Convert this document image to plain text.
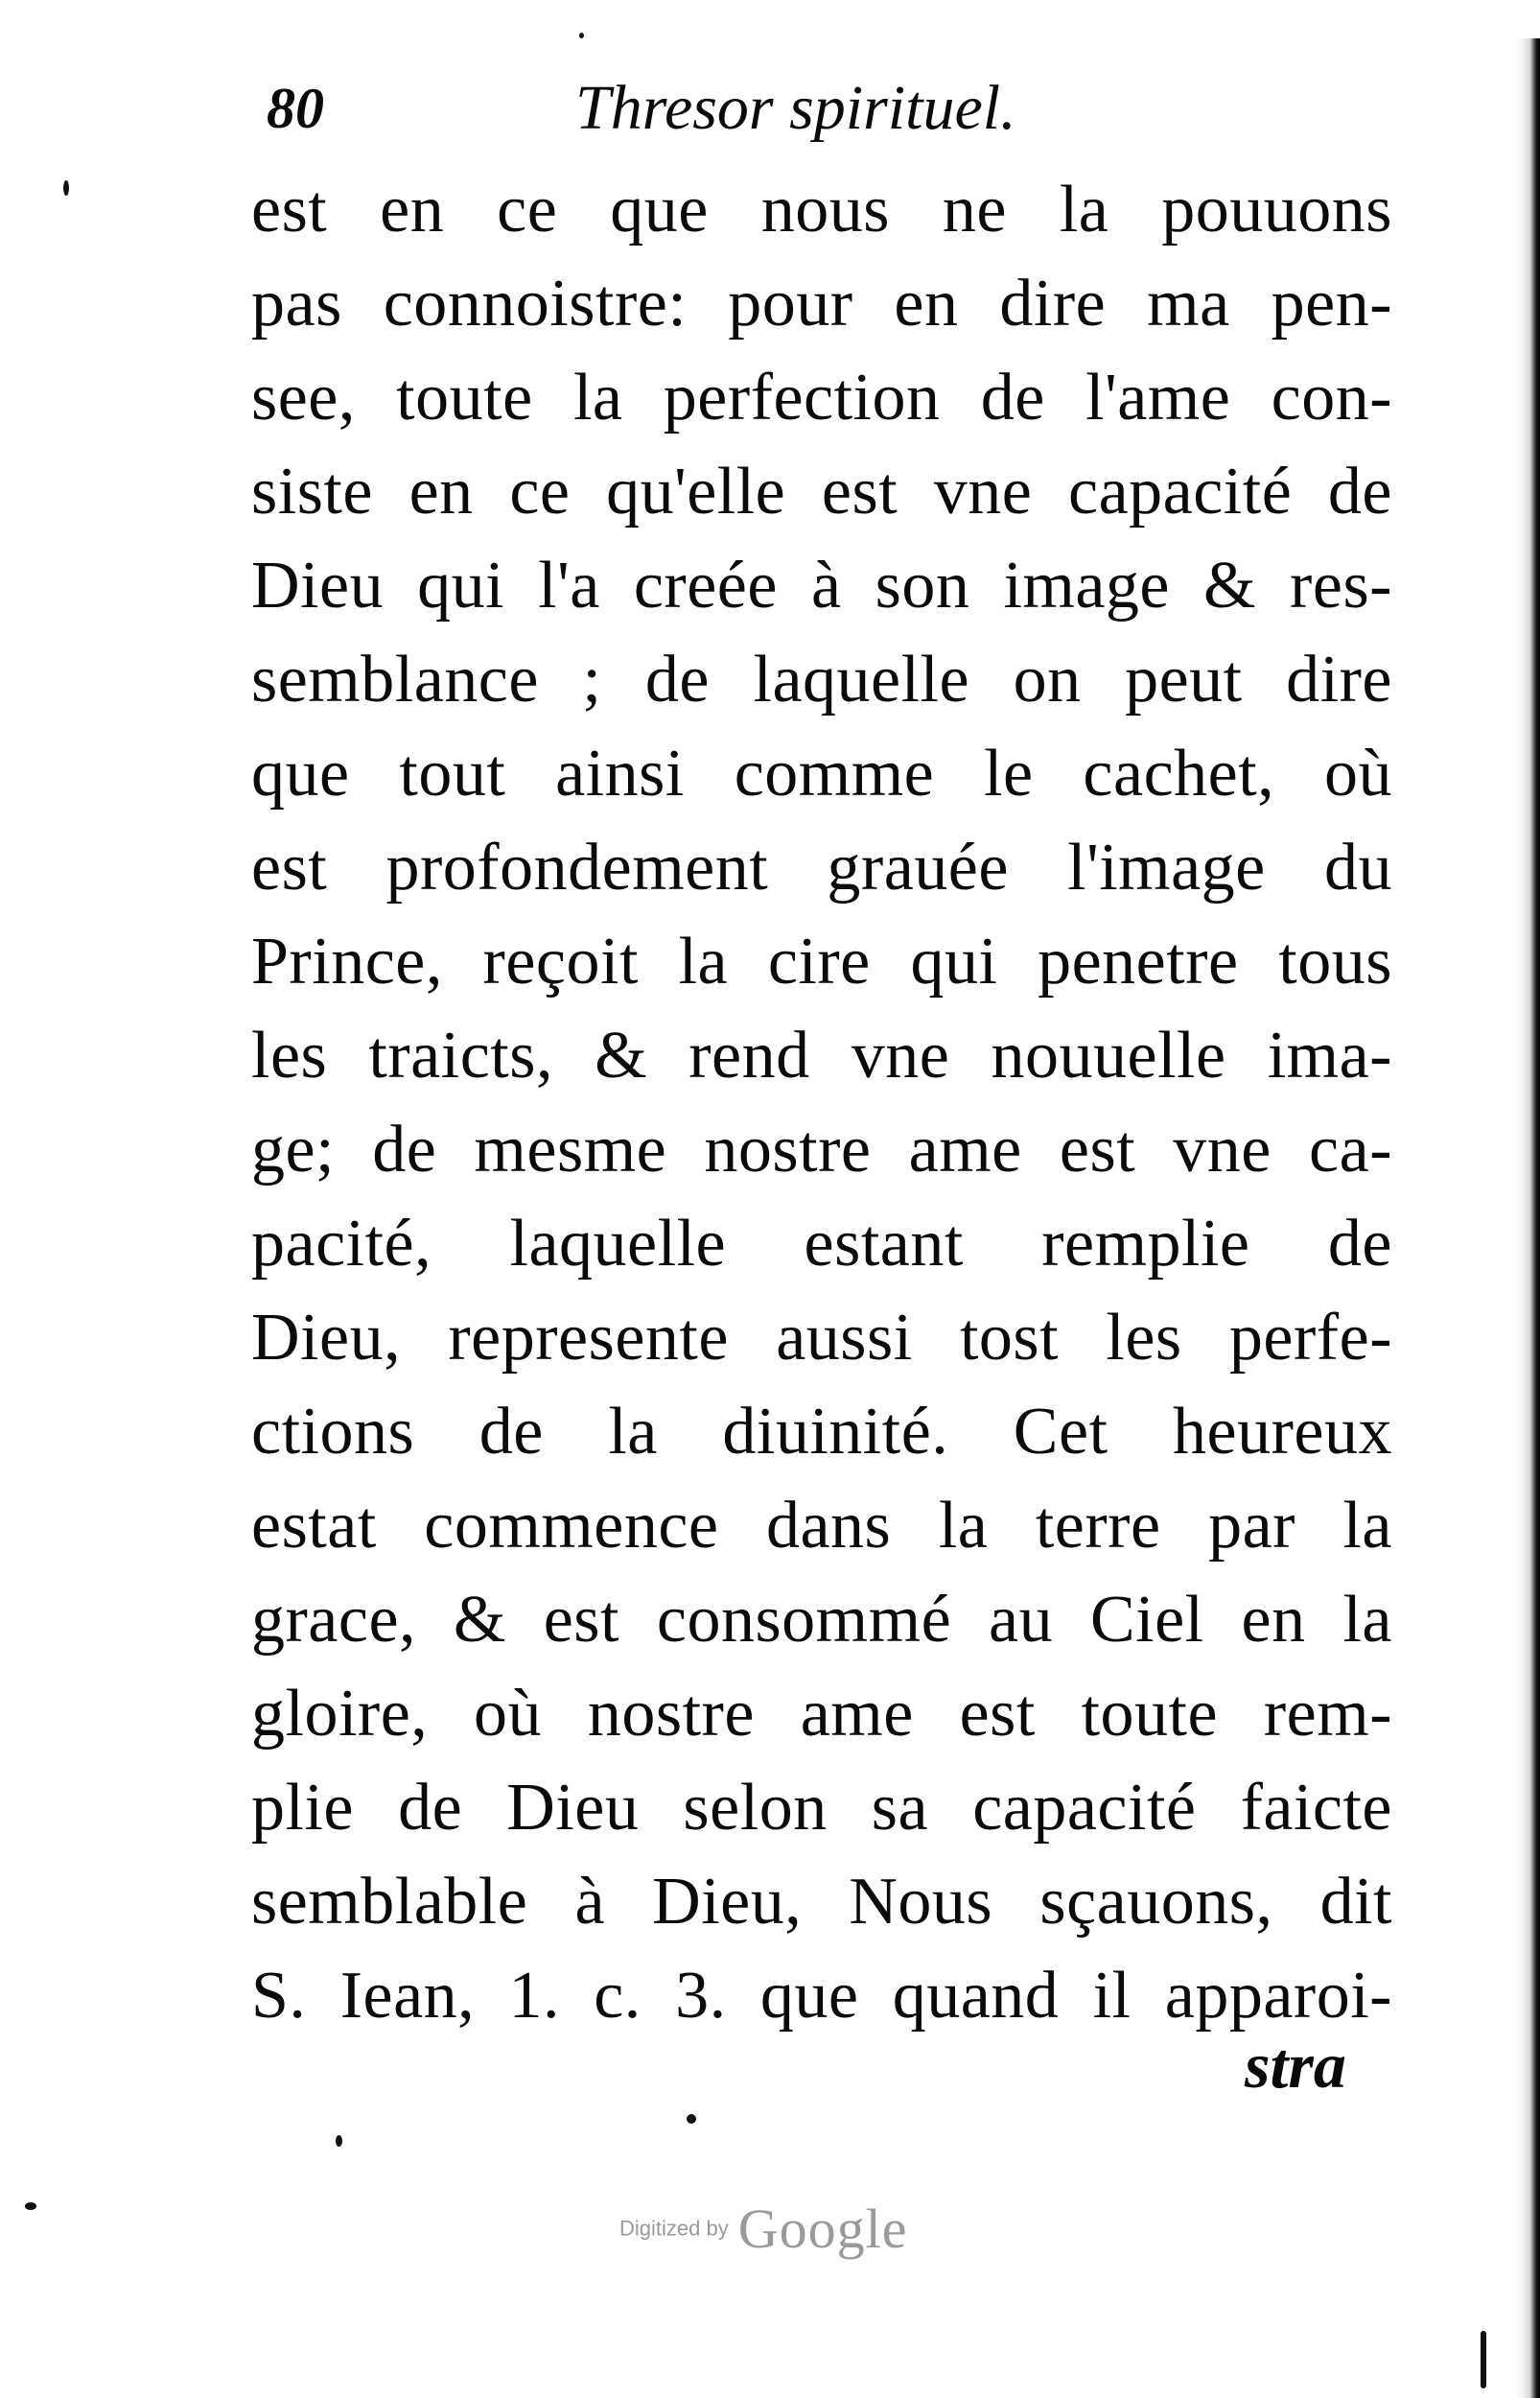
80	Thresor spirituel.
est en ce que nous ne la pouuons
pas connoistre: pour en dire ma pen-
see, toute la perfection de l'ame con-
siste en ce qu'elle est vne capacité de
Dieu qui l'a creée à son image & res-
semblance ; de laquelle on peut dire
que tout ainsi comme le cachet, où
est profondement grauée l'image du
Prince, reçoit la cire qui penetre tous
les traicts, & rend vne nouuelle ima-
ge; de mesme nostre ame est vne ca-
pacité, laquelle estant remplie de
Dieu, represente aussi tost les perfe-
ctions de la diuinité. Cet heureux
estat commence dans la terre par la
grace, & est consommé au Ciel en la
gloire, où nostre ame est toute rem-
plie de Dieu selon sa capacité faicte
semblable à Dieu, Nous sçauons, dit
S. Iean, 1. c. 3. que quand il apparoi-
stra
Digitized by Google
